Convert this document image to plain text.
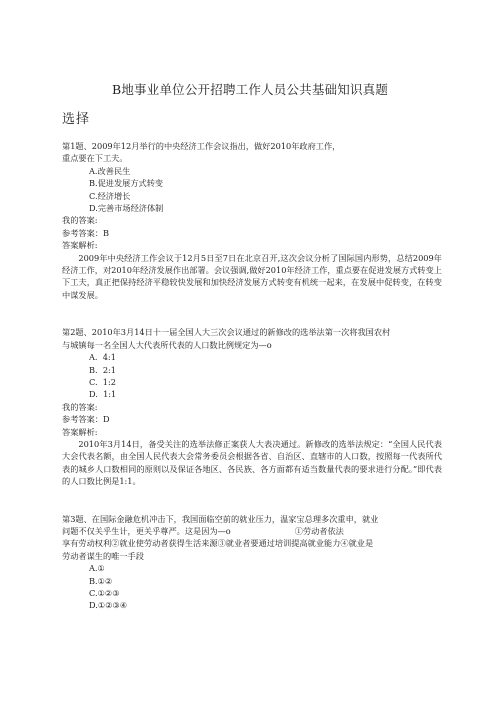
B地事业单位公开招聘工作人员公共基础知识真题
选择
第1题、2009年12月举行的中央经济工作会议指出，做好2010年政府工作，
重点要在下工夫。
A.改善民生
B.促进发展方式转变
C.经济增长
D.完善市场经济体制
我的答案:
参考答案：B
答案解析:
2009年中央经济工作会议于12月5日至7日在北京召开,这次会议分析了国际国内形势，总结2009年经济工作，对2010年经济发展作出部署。会议强调,做好2010年经济工作，重点要在促进发展方式转变上下工夫，真正把保持经济平稳较快发展和加快经济发展方式转变有机统一起来，在发展中促转变，在转变中谋发展。
第2题、2010年3月14日十一届全国人大三次会议通过的新修改的选举法第一次将我国农村
与城镇每一名全国人大代表所代表的人口数比例规定为—o
A.  4:1
B.  2:1
C.  1:2
D.  1:1
我的答案:
参考答案：D
答案解析:
2010年3月14日，备受关注的选举法修正案获人大表决通过。新修改的选举法规定：“全国人民代表大会代表名额，由全国人民代表大会常务委员会根据各省、自治区、直辖市的人口数，按照每一代表所代表的城乡人口数相同的原则以及保证各地区、各民族、各方面都有适当数量代表的要求进行分配。”即代表的人口数比例是1:1。
第3题、在国际金融危机冲击下，我国面临空前的就业压力，温家宝总理多次重申，就业
问题不仅关乎生计，更关乎尊严。这是因为—o	①劳动者依法
享有劳动权利②就业使劳动者获得生活来源③就业者要通过培训提高就业能力④就业是
劳动者谋生的唯一手段
A.①
B.①②
C.①②③
D.①②③④
